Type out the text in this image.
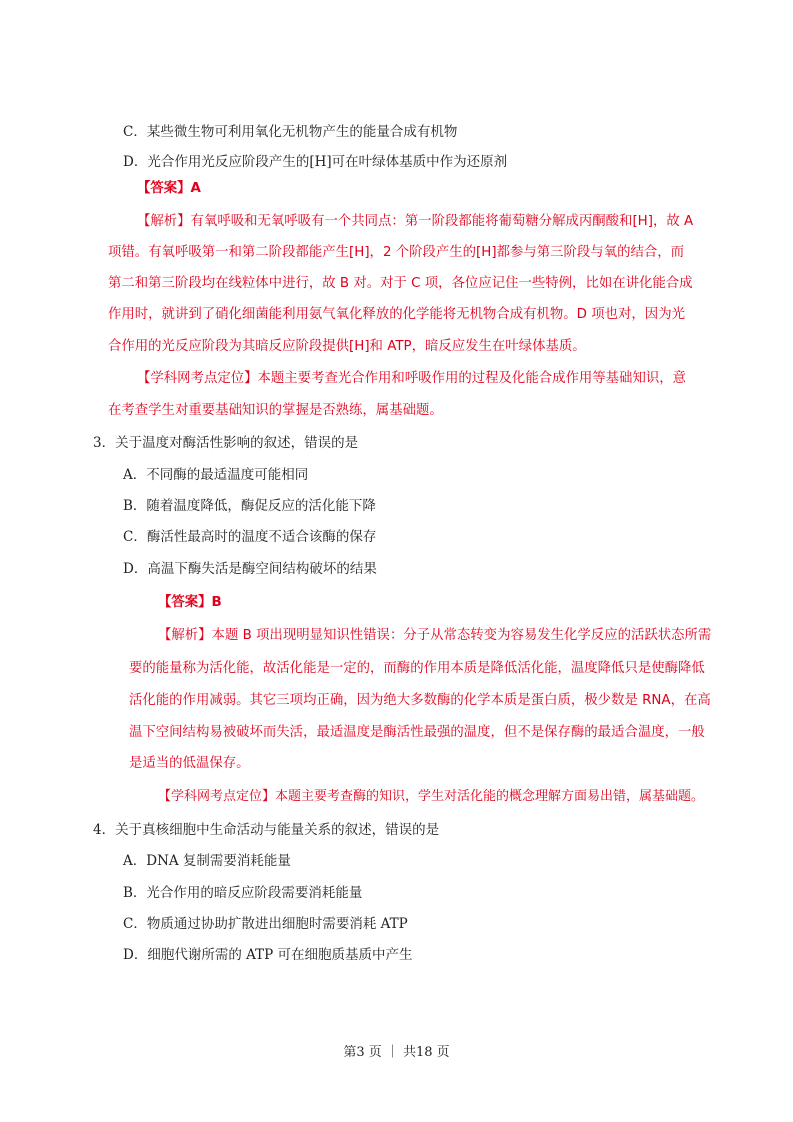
C．某些微生物可利用氧化无机物产生的能量合成有机物
D．光合作用光反应阶段产生的[H]可在叶绿体基质中作为还原剂
【答案】A
【解析】有氧呼吸和无氧呼吸有一个共同点：第一阶段都能将葡萄糖分解成丙酮酸和[H]，故 A
项错。有氧呼吸第一和第二阶段都能产生[H]，2 个阶段产生的[H]都参与第三阶段与氧的结合，而
第二和第三阶段均在线粒体中进行，故 B 对。对于 C 项，各位应记住一些特例，比如在讲化能合成
作用时，就讲到了硝化细菌能利用氨气氧化释放的化学能将无机物合成有机物。D 项也对，因为光
合作用的光反应阶段为其暗反应阶段提供[H]和 ATP，暗反应发生在叶绿体基质。
【学科网考点定位】本题主要考查光合作用和呼吸作用的过程及化能合成作用等基础知识，意
在考查学生对重要基础知识的掌握是否熟练，属基础题。
3．关于温度对酶活性影响的叙述，错误的是
A．不同酶的最适温度可能相同
B．随着温度降低，酶促反应的活化能下降
C．酶活性最高时的温度不适合该酶的保存
D．高温下酶失活是酶空间结构破坏的结果
【答案】B
【解析】本题 B 项出现明显知识性错误：分子从常态转变为容易发生化学反应的活跃状态所需
要的能量称为活化能，故活化能是一定的，而酶的作用本质是降低活化能，温度降低只是使酶降低
活化能的作用减弱。其它三项均正确，因为绝大多数酶的化学本质是蛋白质，极少数是 RNA，在高
温下空间结构易被破坏而失活，最适温度是酶活性最强的温度，但不是保存酶的最适合温度，一般
是适当的低温保存。
【学科网考点定位】本题主要考查酶的知识，学生对活化能的概念理解方面易出错，属基础题。
4．关于真核细胞中生命活动与能量关系的叙述，错误的是
A．DNA 复制需要消耗能量
B．光合作用的暗反应阶段需要消耗能量
C．物质通过协助扩散进出细胞时需要消耗 ATP
D．细胞代谢所需的 ATP 可在细胞质基质中产生
第3 页 ｜ 共18 页
